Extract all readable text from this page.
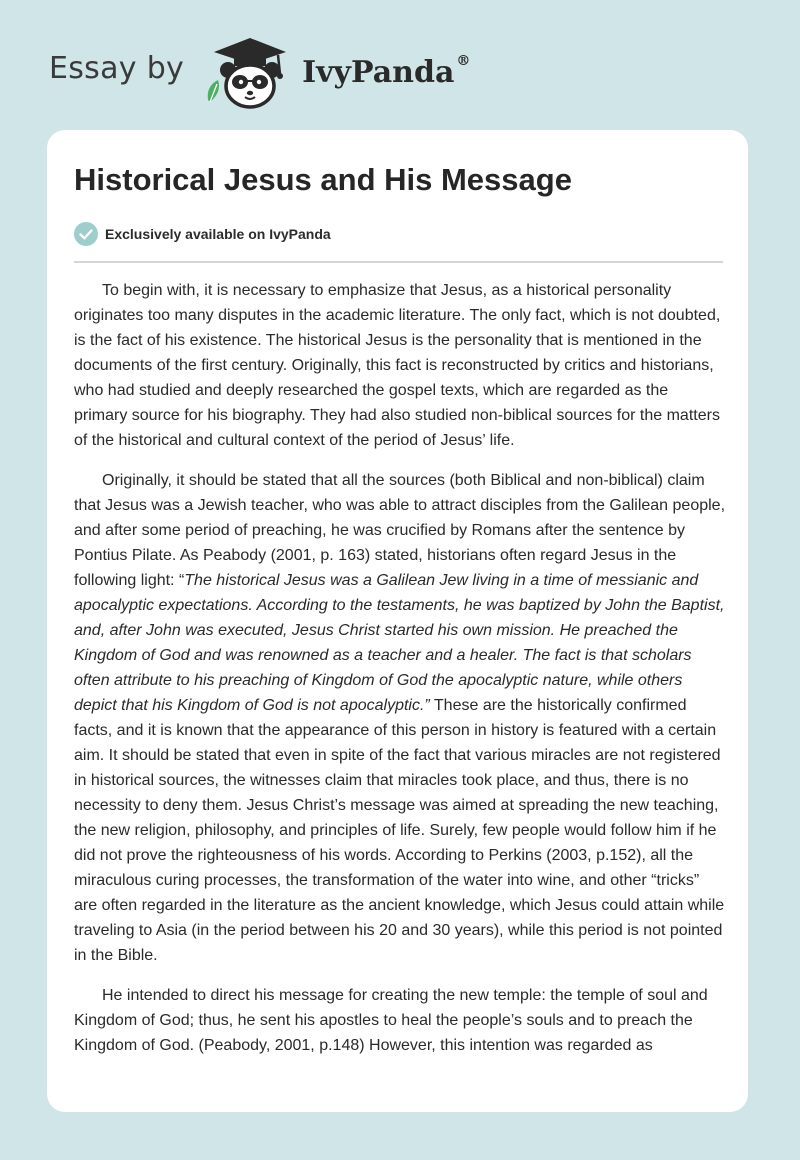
Essay by	IvyPanda ®
Historical Jesus and His Message
Exclusively available on IvyPanda

To begin with, it is necessary to emphasize that Jesus, as a historical personality originates too many disputes in the academic literature. The only fact, which is not doubted, is the fact of his existence. The historical Jesus is the personality that is mentioned in the documents of the first century. Originally, this fact is reconstructed by critics and historians, who had studied and deeply researched the gospel texts, which are regarded as the primary source for his biography. They had also studied non-biblical sources for the matters of the historical and cultural context of the period of Jesus’ life.

Originally, it should be stated that all the sources (both Biblical and non-biblical) claim that Jesus was a Jewish teacher, who was able to attract disciples from the Galilean people, and after some period of preaching, he was crucified by Romans after the sentence by Pontius Pilate. As Peabody (2001, p. 163) stated, historians often regard Jesus in the following light: “The historical Jesus was a Galilean Jew living in a time of messianic and apocalyptic expectations. According to the testaments, he was baptized by John the Baptist, and, after John was executed, Jesus Christ started his own mission. He preached the Kingdom of God and was renowned as a teacher and a healer. The fact is that scholars often attribute to his preaching of Kingdom of God the apocalyptic nature, while others depict that his Kingdom of God is not apocalyptic.” These are the historically confirmed facts, and it is known that the appearance of this person in history is featured with a certain aim. It should be stated that even in spite of the fact that various miracles are not registered in historical sources, the witnesses claim that miracles took place, and thus, there is no necessity to deny them. Jesus Christ’s message was aimed at spreading the new teaching, the new religion, philosophy, and principles of life. Surely, few people would follow him if he did not prove the righteousness of his words. According to Perkins (2003, p.152), all the miraculous curing processes, the transformation of the water into wine, and other “tricks” are often regarded in the literature as the ancient knowledge, which Jesus could attain while traveling to Asia (in the period between his 20 and 30 years), while this period is not pointed in the Bible.

He intended to direct his message for creating the new temple: the temple of soul and Kingdom of God; thus, he sent his apostles to heal the people’s souls and to preach the Kingdom of God. (Peabody, 2001, p.148) However, this intention was regarded as
